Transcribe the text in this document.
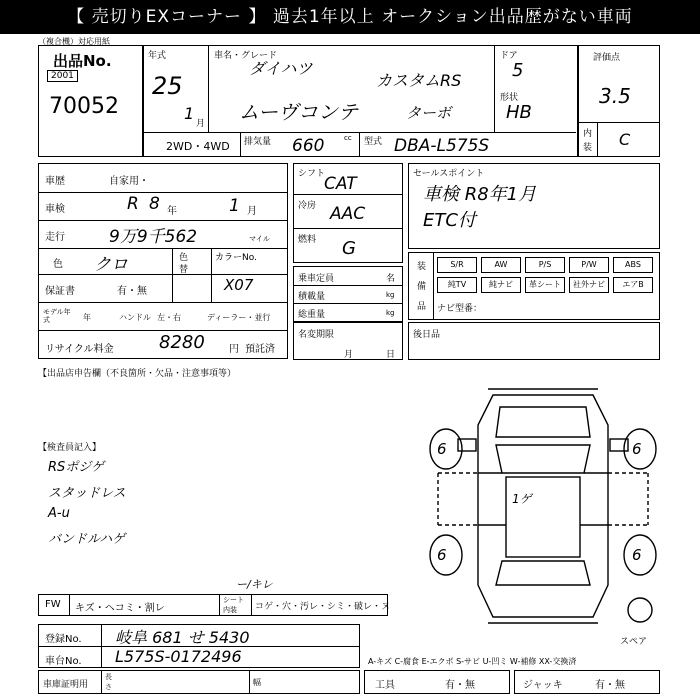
【 売切りEXコーナー 】 過去1年以上 オークション出品歴がない車両
（複合機）対応用紙
出品No.
2001
70052
年式
25
1
月
車名・グレード
ダイハツ
カスタムRS
ムーヴコンテ	ターボ
ドア
5
形状
HB
2WD・4WD 排気量 660	cc 型式 DBA-L575S
評価点
3.5
内
装 C
車歴	自家用・
車検	R 8 年	1 月
走行	9万9千562	マイル
色 クロ	色
替
カラーNo.
X07
保証書	有・無
モデル年式	年	ハンドル 左・右	ディーラー・並行
リサイクル料金	8280 円 預託済
シフト
CAT
冷房 AAC
燃料 G
乗車定員	名
積載量	kg
総重量	kg
名変期限
月	日
セールスポイント
車検 R8年1月
ETC付
装
備
品
S/R	AW	P/S	P/W	ABS
純TV	純ナビ	革シート	社外ナビ	エアB
ナビ型番：
後日品
【出品店申告欄（不良箇所・欠品・注意事項等）
【検査員記入】
RSポジゲ
スタッドレス
A-u
バンドルハゲ
6	6
6	6
1ゲ
スペア
ー/キレ
FW キズ・ヘコミ・割レ
シート
内装 コゲ・穴・汚レ・シミ・破レ・ヌ
登録No. 岐阜 681 せ 5430
車台No. L575S-0172496	A-キズ C-腐食 E-エクボ S-サビ U-凹ミ W-補修 XX-交換済
車庫証明用
長
さ	幅	工具	有・無	ジャッキ	有・無
